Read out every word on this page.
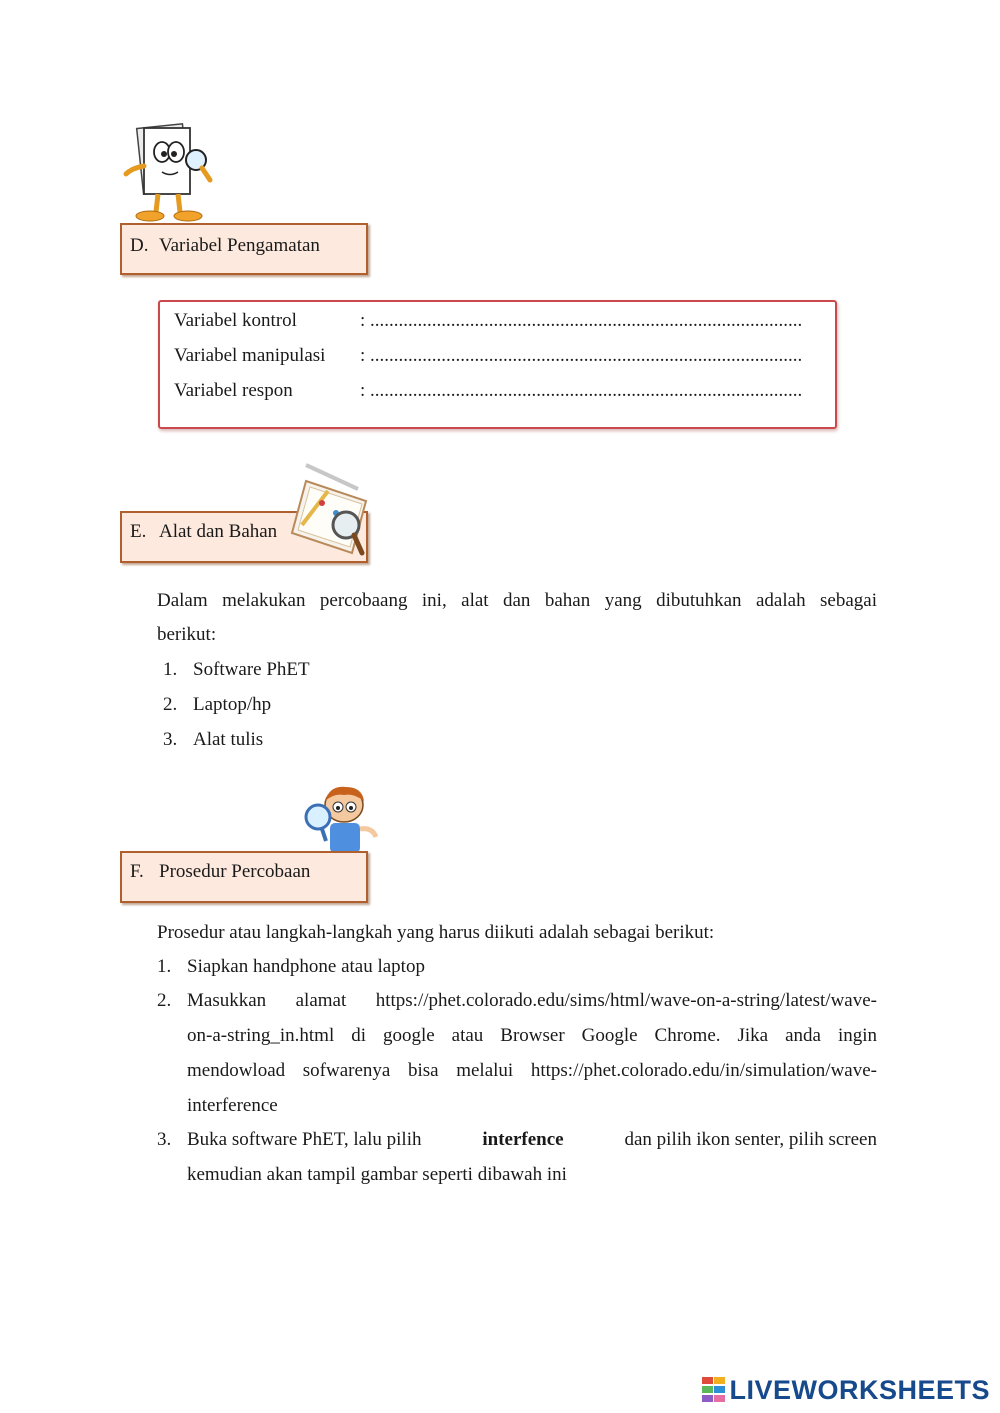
D. Variabel Pengamatan
Variabel kontrol	: ...........................................................................................
Variabel manipulasi : ...........................................................................................
Variabel respon	: ...........................................................................................
E. Alat dan Bahan
Dalam melakukan percobaang ini, alat dan bahan yang dibutuhkan adalah sebagai
berikut:
1. Software PhET
2. Laptop/hp
3. Alat tulis
F. Prosedur Percobaan
Prosedur atau langkah-langkah yang harus diikuti adalah sebagai berikut:
1. Siapkan handphone atau laptop
2. Masukkan alamat https://phet.colorado.edu/sims/html/wave-on-a-string/latest/wave-
on-a-string_in.html di google atau Browser Google Chrome. Jika anda ingin
mendowload sofwarenya bisa melalui https://phet.colorado.edu/in/simulation/wave-
interference
3. Buka software PhET, lalu pilih	interfence	dan pilih ikon senter, pilih screen
kemudian akan tampil gambar seperti dibawah ini
LIVEWORKSHEETS
